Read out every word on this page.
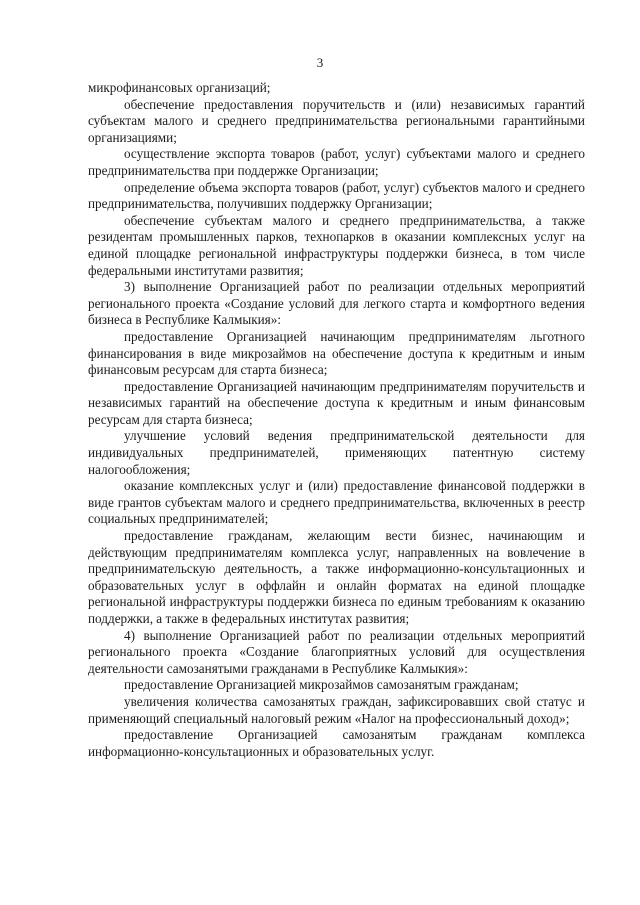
3

микрофинансовых организаций;

обеспечение предоставления поручительств и (или) независимых гарантий субъектам малого и среднего предпринимательства региональными гарантийными организациями;

осуществление экспорта товаров (работ, услуг) субъектами малого и среднего предпринимательства при поддержке Организации;

определение объема экспорта товаров (работ, услуг) субъектов малого и среднего предпринимательства, получивших поддержку Организации;

обеспечение субъектам малого и среднего предпринимательства, а также резидентам промышленных парков, технопарков в оказании комплексных услуг на единой площадке региональной инфраструктуры поддержки бизнеса, в том числе федеральными институтами развития;

3) выполнение Организацией работ по реализации отдельных мероприятий регионального проекта «Создание условий для легкого старта и комфортного ведения бизнеса в Республике Калмыкия»:

предоставление Организацией начинающим предпринимателям льготного финансирования в виде микрозаймов на обеспечение доступа к кредитным и иным финансовым ресурсам для старта бизнеса;

предоставление Организацией начинающим предпринимателям поручительств и независимых гарантий на обеспечение доступа к кредитным и иным финансовым ресурсам для старта бизнеса;

улучшение условий ведения предпринимательской деятельности для индивидуальных предпринимателей, применяющих патентную систему налогообложения;

оказание комплексных услуг и (или) предоставление финансовой поддержки в виде грантов субъектам малого и среднего предпринимательства, включенных в реестр социальных предпринимателей;

предоставление гражданам, желающим вести бизнес, начинающим и действующим предпринимателям комплекса услуг, направленных на вовлечение в предпринимательскую деятельность, а также информационно-консультационных и образовательных услуг в оффлайн и онлайн форматах на единой площадке региональной инфраструктуры поддержки бизнеса по единым требованиям к оказанию поддержки, а также в федеральных институтах развития;

4) выполнение Организацией работ по реализации отдельных мероприятий регионального проекта «Создание благоприятных условий для осуществления деятельности самозанятыми гражданами в Республике Калмыкия»:

предоставление Организацией микрозаймов самозанятым гражданам;

увеличения количества самозанятых граждан, зафиксировавших свой статус и применяющий специальный налоговый режим «Налог на профессиональный доход»;

предоставление Организацией самозанятым гражданам комплекса информационно-консультационных и образовательных услуг.
